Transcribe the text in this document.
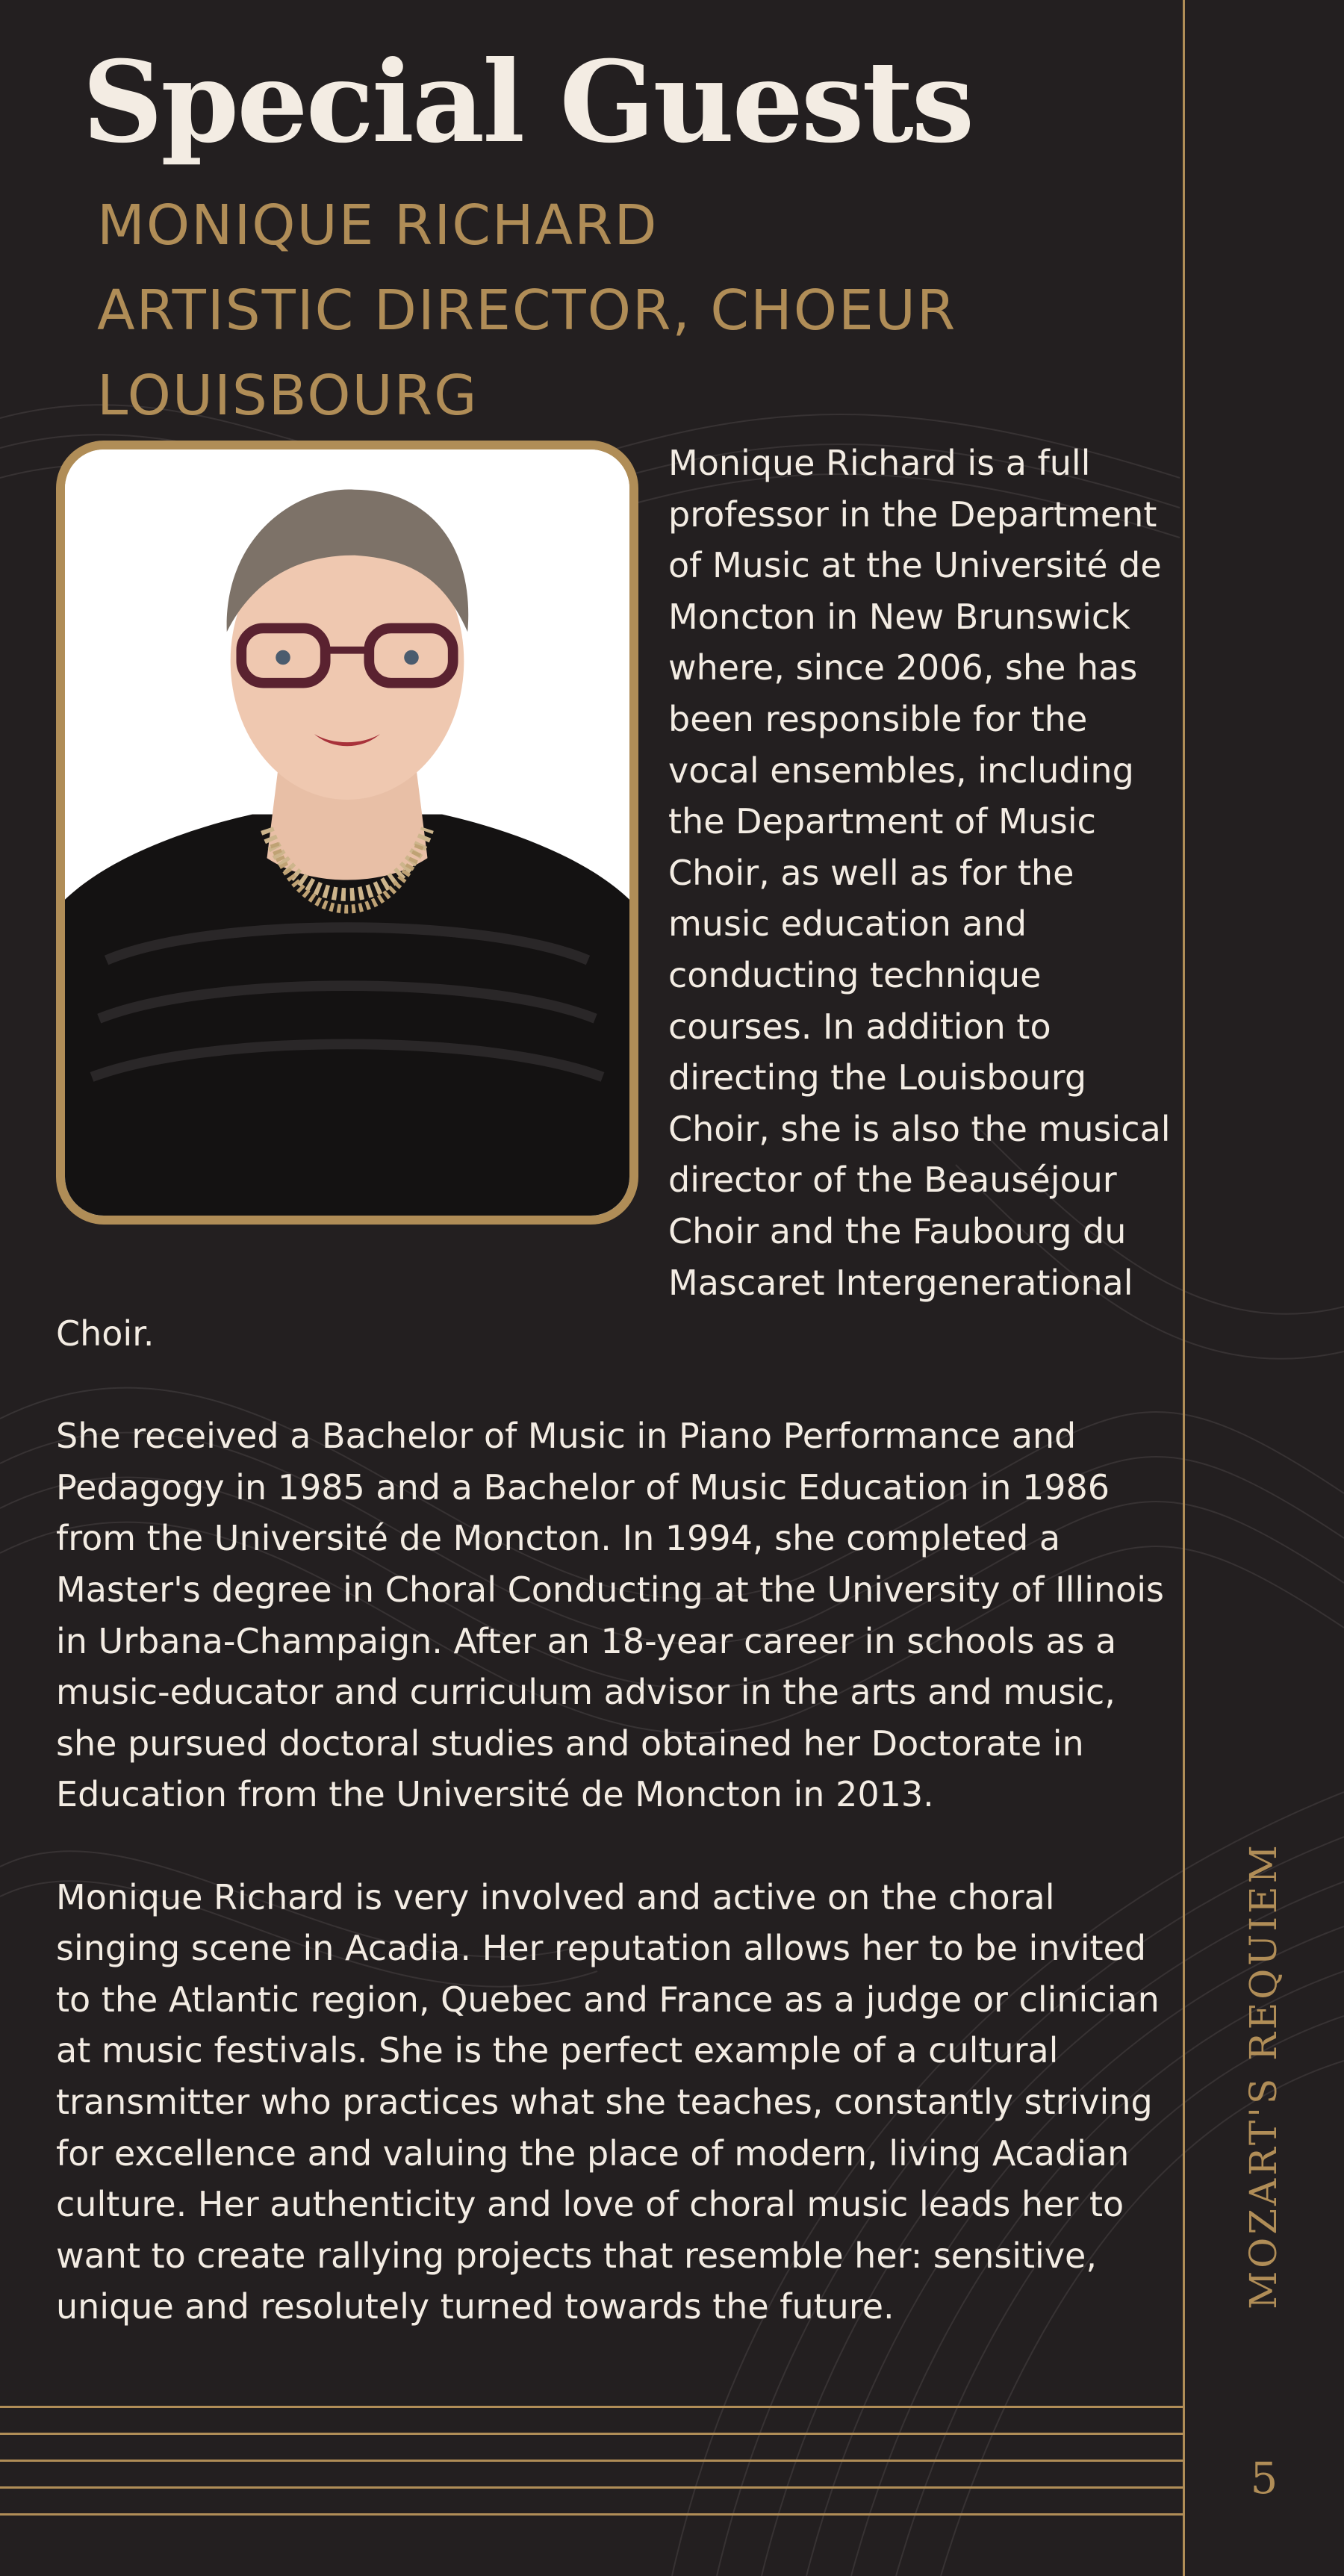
MOZART'S REQUIEM
5
Special Guests
MONIQUE RICHARD
ARTISTIC DIRECTOR, CHOEUR
LOUISBOURG

Monique Richard is a full professor in the Department of Music at the Université de Moncton in New Brunswick where, since 2006, she has been responsible for the vocal ensembles, including the Department of Music Choir, as well as for the music education and conducting technique courses. In addition to directing the Louisbourg Choir, she is also the musical director of the Beauséjour Choir and the Faubourg du Mascaret Intergenerational Choir.

She received a Bachelor of Music in Piano Performance and Pedagogy in 1985 and a Bachelor of Music Education in 1986 from the Université de Moncton. In 1994, she completed a Master's degree in Choral Conducting at the University of Illinois in Urbana-Champaign. After an 18-year career in schools as a music-educator and curriculum advisor in the arts and music, she pursued doctoral studies and obtained her Doctorate in Education from the Université de Moncton in 2013.

Monique Richard is very involved and active on the choral singing scene in Acadia. Her reputation allows her to be invited to the Atlantic region, Quebec and France as a judge or clinician at music festivals. She is the perfect example of a cultural transmitter who practices what she teaches, constantly striving for excellence and valuing the place of modern, living Acadian culture. Her authenticity and love of choral music leads her to want to create rallying projects that resemble her: sensitive, unique and resolutely turned towards the future.
